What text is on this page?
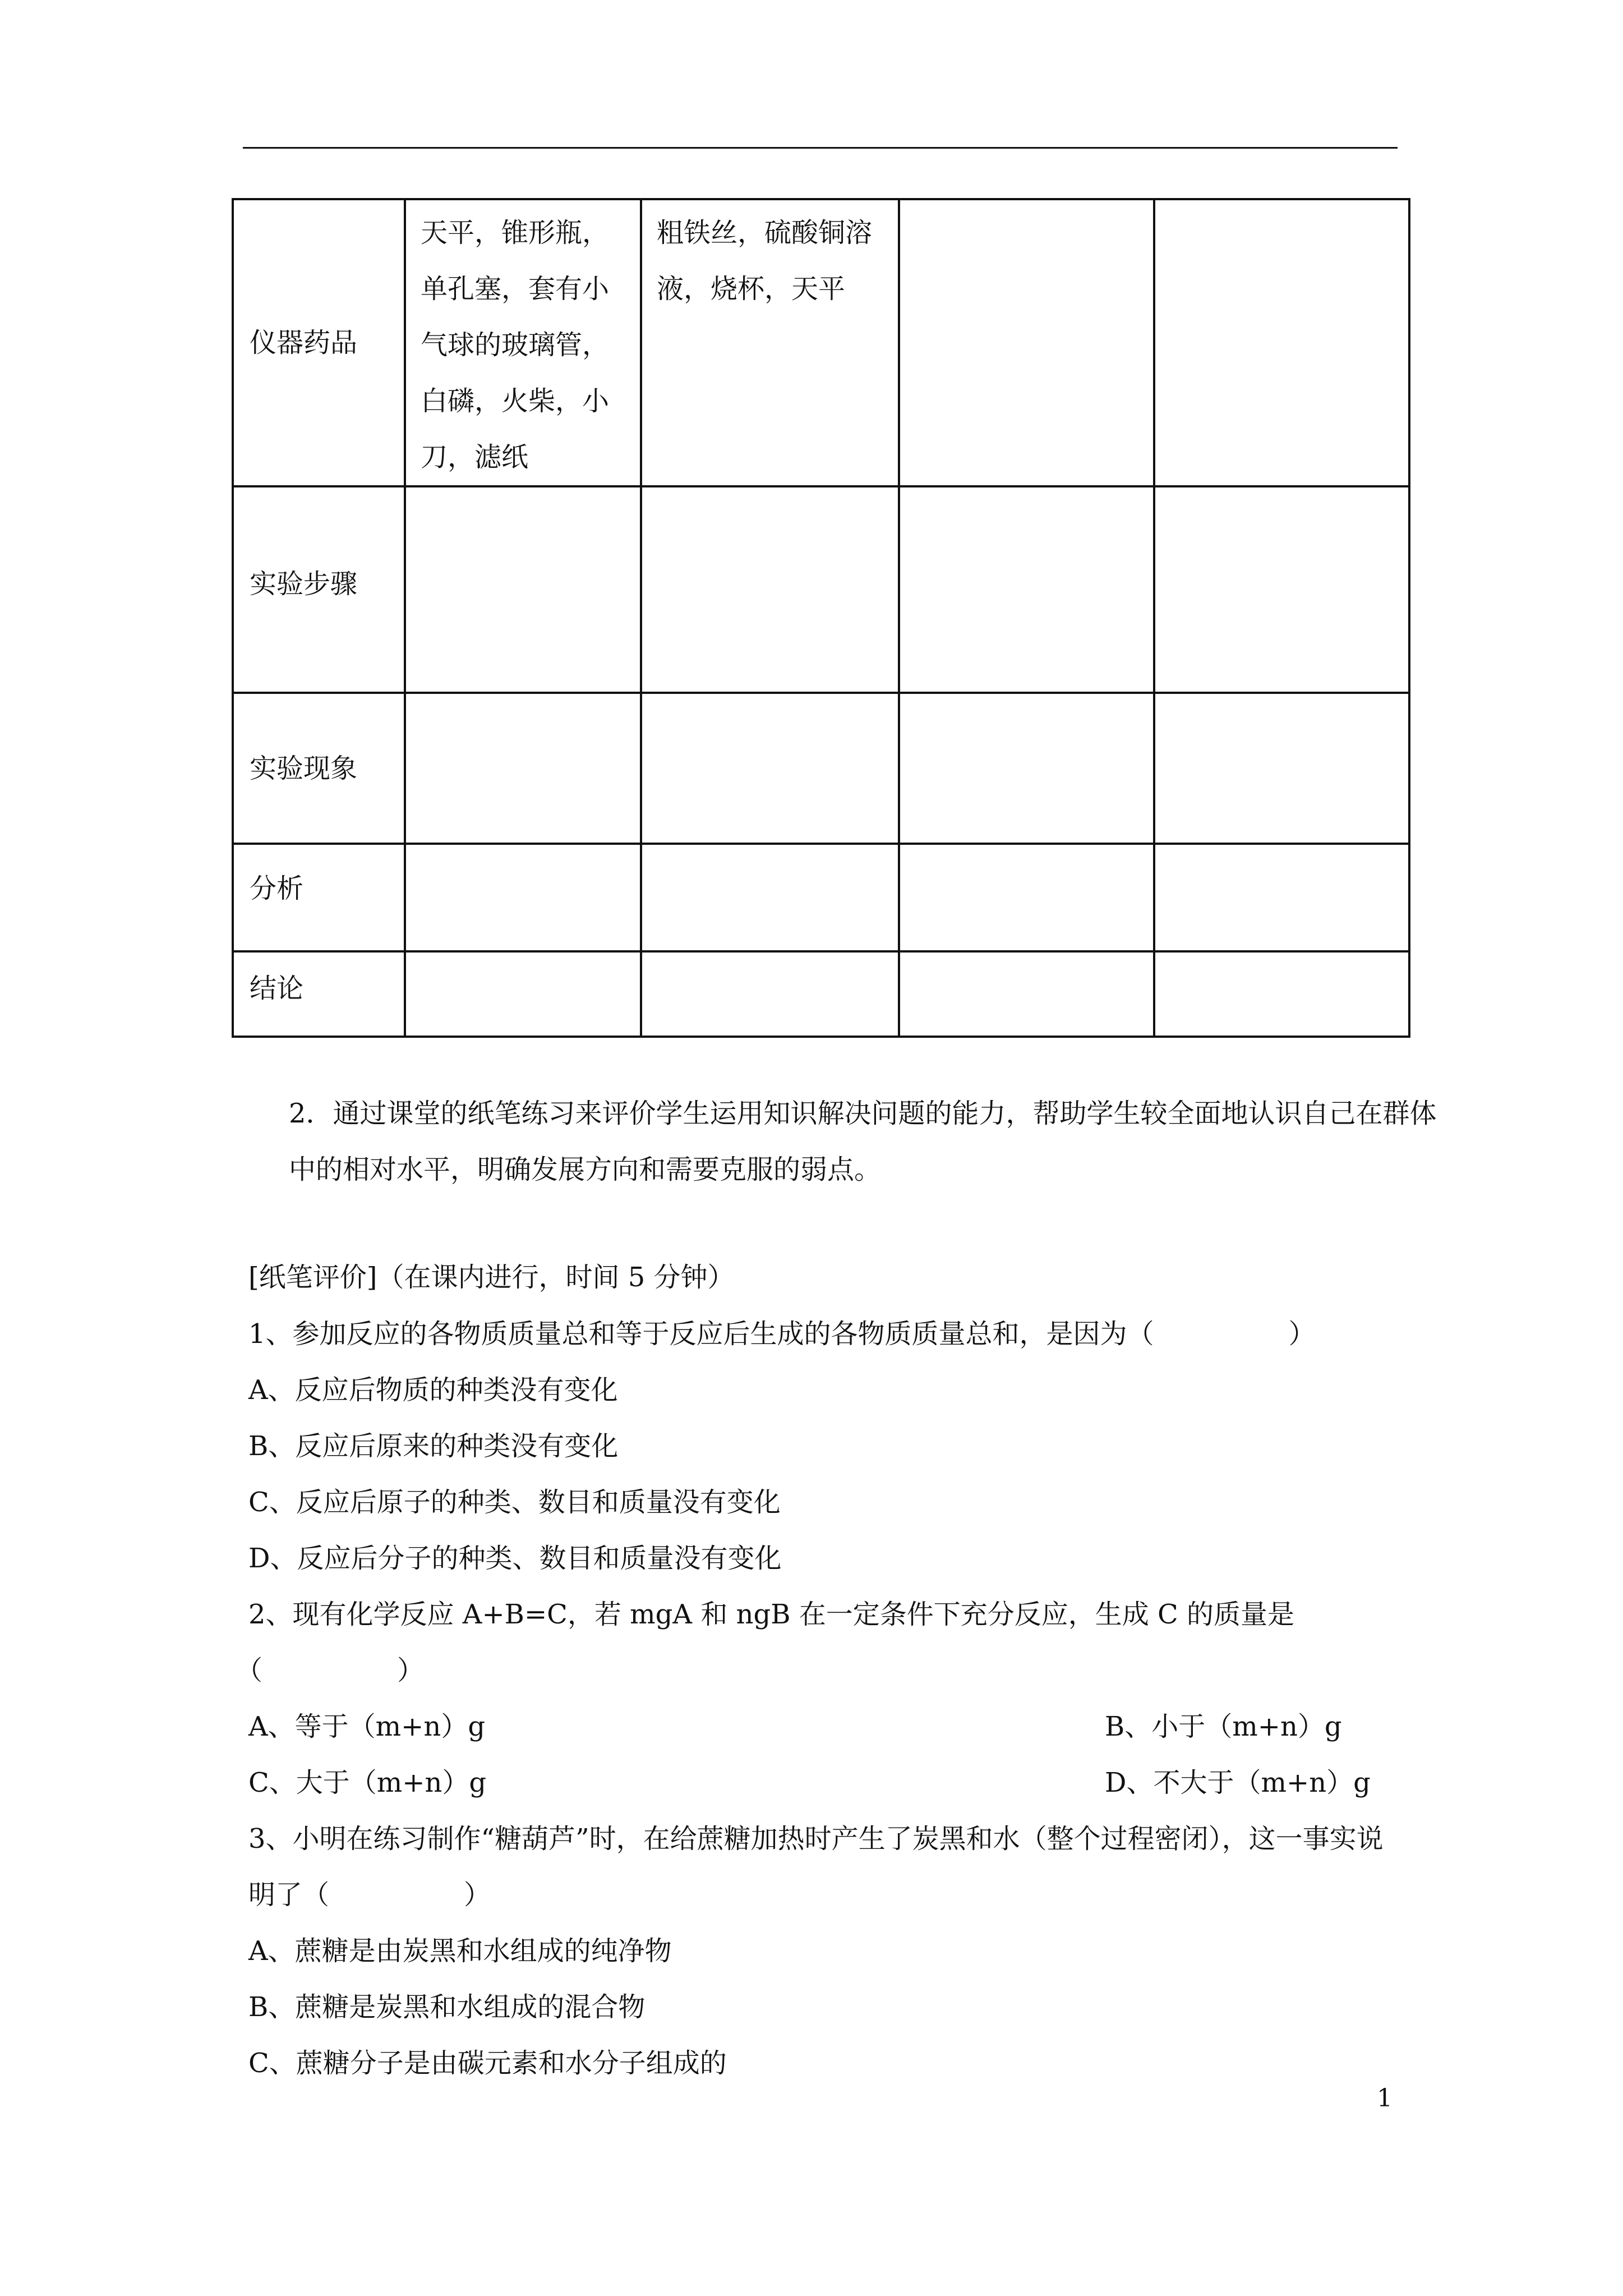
仪器药品	天平，锥形瓶，单孔塞，套有小气球的玻璃管，白磷，火柴，小刀，滤纸	粗铁丝，硫酸铜溶液，烧杯，天平		
实验步骤				
实验现象				
分析				
结论				

2．通过课堂的纸笔练习来评价学生运用知识解决问题的能力，帮助学生较全面地认识自己在群体中的相对水平，明确发展方向和需要克服的弱点。

[纸笔评价]（在课内进行，时间 5 分钟）

1、参加反应的各物质质量总和等于反应后生成的各物质质量总和，是因为（　　　　　）

A、反应后物质的种类没有变化

B、反应后原来的种类没有变化

C、反应后原子的种类、数目和质量没有变化

D、反应后分子的种类、数目和质量没有变化

2、现有化学反应 A+B=C，若 mgA 和 ngB 在一定条件下充分反应，生成 C 的质量是

（　　　　　）

A、等于（m+n）g	B、小于（m+n）g

C、大于（m+n）g	D、不大于（m+n）g

3、小明在练习制作“糖葫芦”时，在给蔗糖加热时产生了炭黑和水（整个过程密闭），这一事实说明了（　　　　　）

A、蔗糖是由炭黑和水组成的纯净物

B、蔗糖是炭黑和水组成的混合物

C、蔗糖分子是由碳元素和水分子组成的

1
